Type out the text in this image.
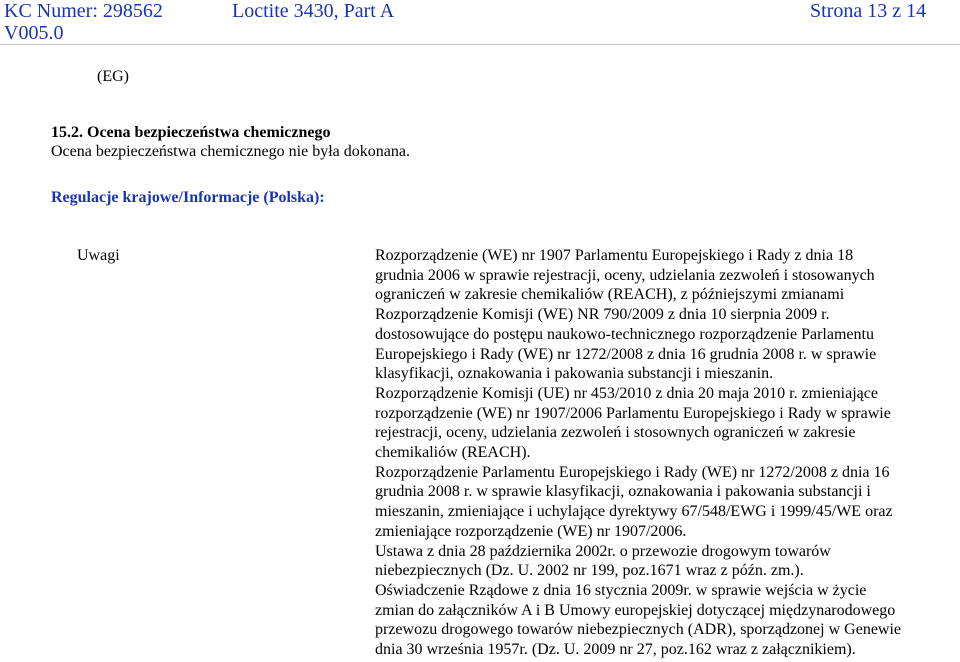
KC Numer: 298562	Loctite 3430, Part A	Strona 13 z 14
V005.0
(EG)
15.2. Ocena bezpieczeństwa chemicznego
Ocena bezpieczeństwa chemicznego nie była dokonana.
Regulacje krajowe/Informacje (Polska):
Uwagi	Rozporządzenie (WE) nr 1907 Parlamentu Europejskiego i Rady z dnia 18
grudnia 2006 w sprawie rejestracji, oceny, udzielania zezwoleń i stosowanych
ograniczeń w zakresie chemikaliów (REACH), z późniejszymi zmianami
Rozporządzenie Komisji (WE) NR 790/2009 z dnia 10 sierpnia 2009 r.
dostosowujące do postępu naukowo-technicznego rozporządzenie Parlamentu
Europejskiego i Rady (WE) nr 1272/2008 z dnia 16 grudnia 2008 r. w sprawie
klasyfikacji, oznakowania i pakowania substancji i mieszanin.
Rozporządzenie Komisji (UE) nr 453/2010 z dnia 20 maja 2010 r. zmieniające
rozporządzenie (WE) nr 1907/2006 Parlamentu Europejskiego i Rady w sprawie
rejestracji, oceny, udzielania zezwoleń i stosownych ograniczeń w zakresie
chemikaliów (REACH).
Rozporządzenie Parlamentu Europejskiego i Rady (WE) nr 1272/2008 z dnia 16
grudnia 2008 r. w sprawie klasyfikacji, oznakowania i pakowania substancji i
mieszanin, zmieniające i uchylające dyrektywy 67/548/EWG i 1999/45/WE oraz
zmieniające rozporządzenie (WE) nr 1907/2006.
Ustawa z dnia 28 października 2002r. o przewozie drogowym towarów
niebezpiecznych (Dz. U. 2002 nr 199, poz.1671 wraz z późn. zm.).
Oświadczenie Rządowe z dnia 16 stycznia 2009r. w sprawie wejścia w życie
zmian do załączników A i B Umowy europejskiej dotyczącej międzynarodowego
przewozu drogowego towarów niebezpiecznych (ADR), sporządzonej w Genewie
dnia 30 września 1957r. (Dz. U. 2009 nr 27, poz.162 wraz z załącznikiem).
